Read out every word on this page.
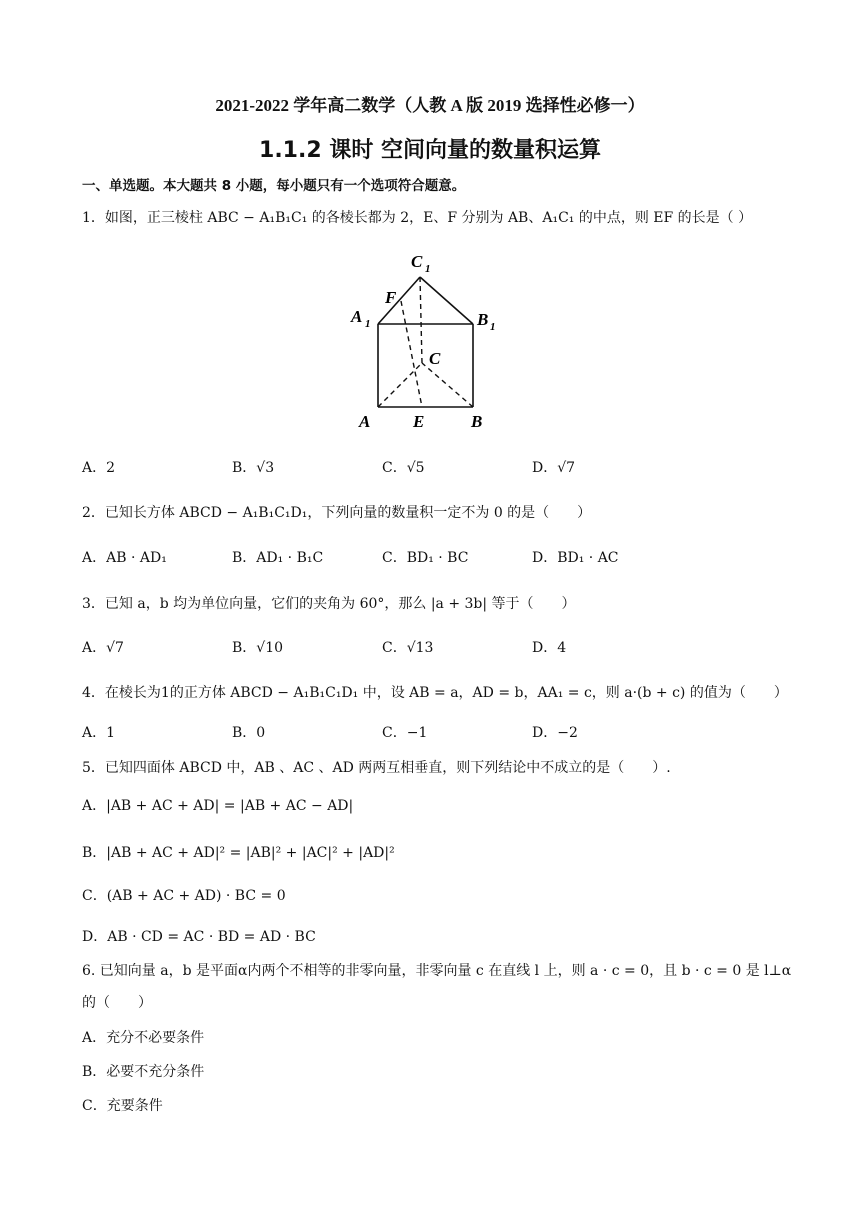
2021-2022 学年高二数学（人教 A 版 2019 选择性必修一）
1.1.2 课时 空间向量的数量积运算
一、单选题。本大题共 8 小题，每小题只有一个选项符合题意。
1．如图，正三棱柱 ABC − A₁B₁C₁ 的各棱长都为 2，E、F 分别为 AB、A₁C₁ 的中点，则 EF 的长是（ ）
C 1
A 1	B 1
F
C
A	E	B
A．2	B．√3	C．√5	D．√7
2．已知长方体 ABCD − A₁B₁C₁D₁，下列向量的数量积一定不为 0 的是（　　）
A．AB · AD₁	B．AD₁ · B₁C	C．BD₁ · BC	D．BD₁ · AC
3．已知 a，b 均为单位向量，它们的夹角为 60°，那么 |a + 3b| 等于（　　）
A．√7	B．√10	C．√13	D．4
4．在棱长为1的正方体 ABCD − A₁B₁C₁D₁ 中，设 AB = a，AD = b，AA₁ = c，则 a·(b + c) 的值为（　　）
A．1	B．0	C．−1	D．−2
5．已知四面体 ABCD 中，AB 、AC 、AD 两两互相垂直，则下列结论中不成立的是（　　）.
A．|AB + AC + AD| = |AB + AC − AD|
B．|AB + AC + AD|² = |AB|² + |AC|² + |AD|²
C．(AB + AC + AD) · BC = 0
D．AB · CD = AC · BD = AD · BC
6. 已知向量 a，b 是平面α内两个不相等的非零向量，非零向量 c 在直线 l 上，则 a · c = 0，且 b · c = 0 是 l⊥α
的（　　）
A．充分不必要条件
B．必要不充分条件
C．充要条件
